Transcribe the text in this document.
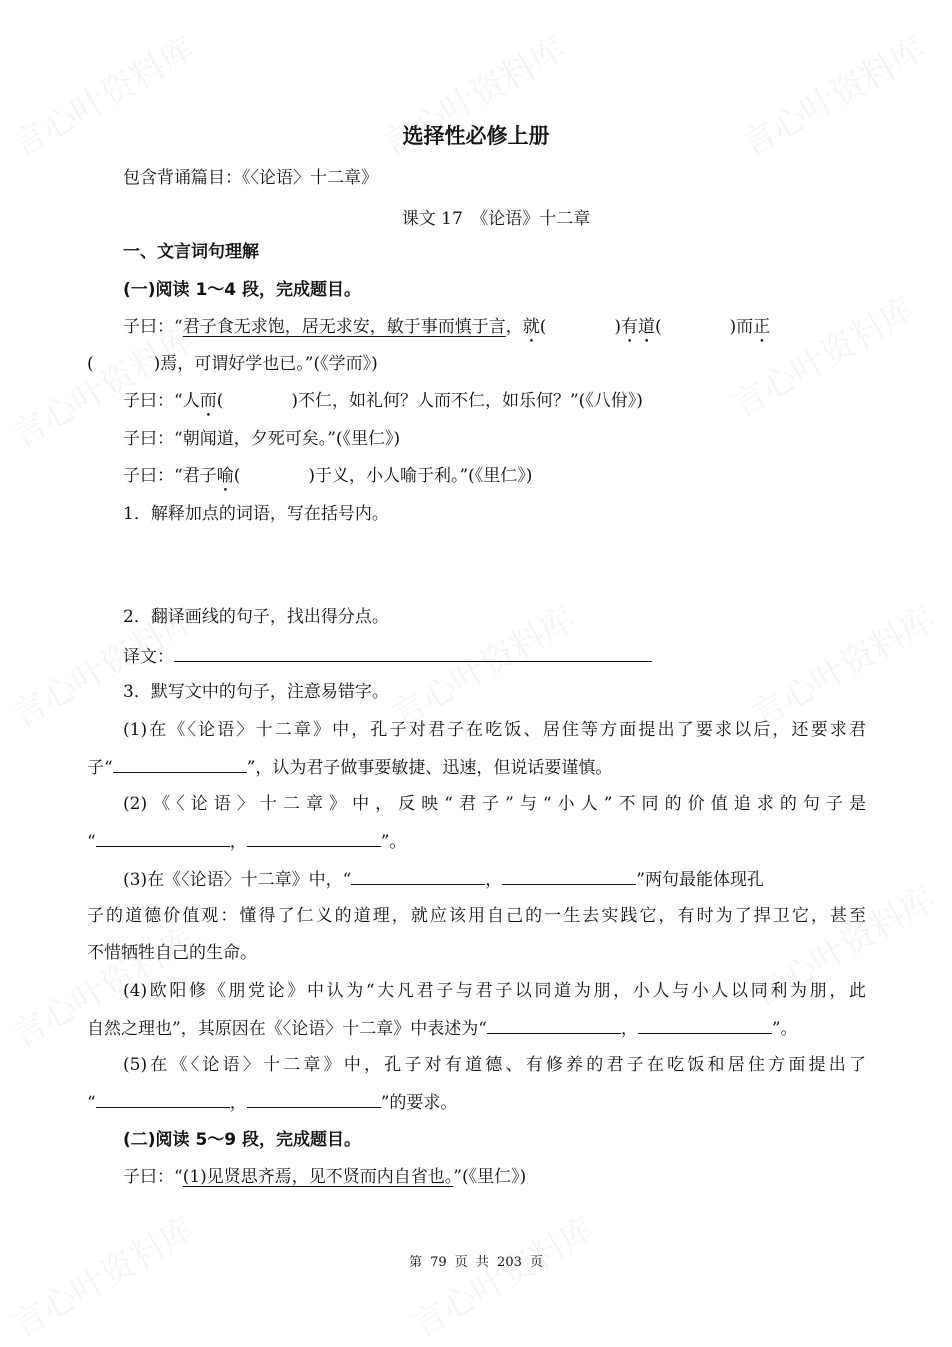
选择性必修上册
包含背诵篇目：《〈论语〉十二章》
课文 17　《论语》十二章
一、文言词句理解
(一)阅读 1～4 段，完成题目。
子曰：“君子食无求饱，居无求安，敏于事而慎于言，就(	)有道(	)而正
(	)焉，可谓好学也已。”(《学而》)
子曰：“人而(	)不仁，如礼何？人而不仁，如乐何？”(《八佾》)
子曰：“朝闻道，夕死可矣。”(《里仁》)
子曰：“君子喻(	)于义，小人喻于利。”(《里仁》)
1．解释加点的词语，写在括号内。
2．翻译画线的句子，找出得分点。
译文：
3．默写文中的句子，注意易错字。
(1)在《〈论语〉十二章》中，孔子对君子在吃饭、居住等方面提出了要求以后，还要求君
子“	”，认为君子做事要敏捷、迅速，但说话要谨慎。
(2)《〈论语〉十二章》中，反映“君子”与“小人”不同的价值追求的句子是
“	，	”。
(3)在《〈论语〉十二章》中，“	，	”两句最能体现孔
子的道德价值观：懂得了仁义的道理，就应该用自己的一生去实践它，有时为了捍卫它，甚至
不惜牺牲自己的生命。
(4)欧阳修《朋党论》中认为“大凡君子与君子以同道为朋，小人与小人以同利为朋，此
自然之理也”，其原因在《〈论语〉十二章》中表述为“	，	”。
(5)在《〈论语〉十二章》中，孔子对有道德、有修养的君子在吃饭和居住方面提出了
“	，	”的要求。
(二)阅读 5～9 段，完成题目。
子曰：“(1)见贤思齐焉，见不贤而内自省也。”(《里仁》)
第 79 页 共 203 页
